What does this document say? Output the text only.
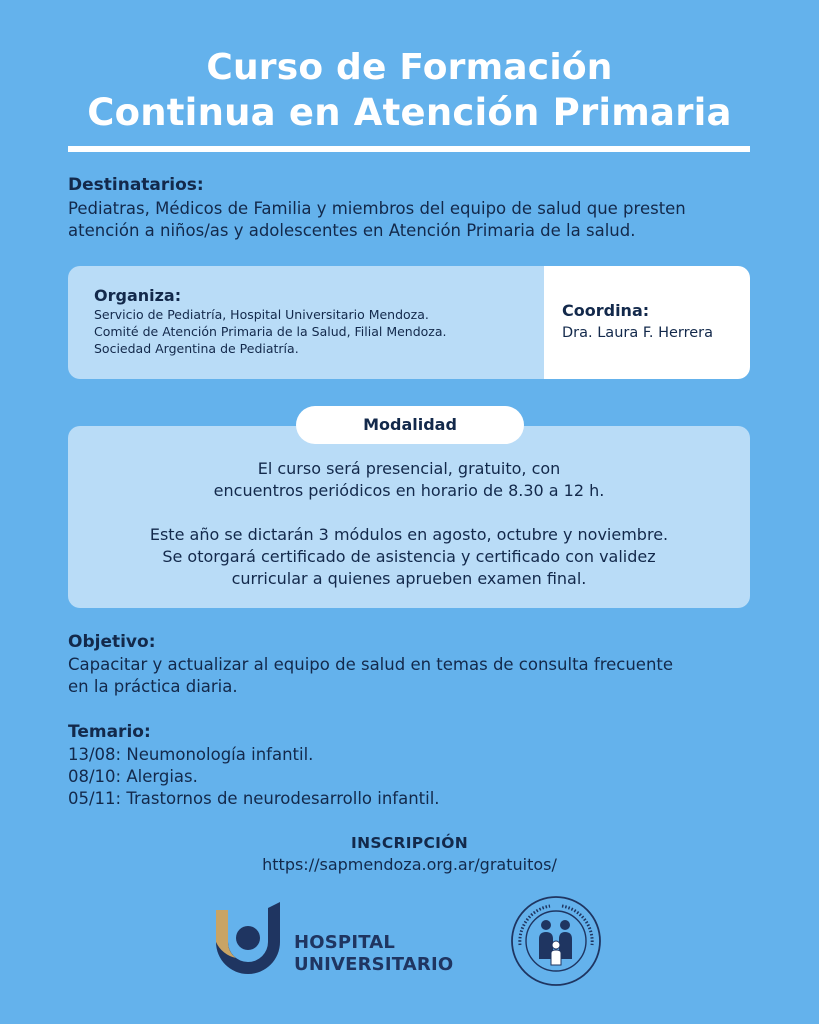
Curso de Formación
Continua en Atención Primaria
Destinatarios:
Pediatras, Médicos de Familia y miembros del equipo de salud que presten
atención a niños/as y adolescentes en Atención Primaria de la salud.
Organiza:
Servicio de Pediatría, Hospital Universitario Mendoza.
Comité de Atención Primaria de la Salud, Filial Mendoza.
Sociedad Argentina de Pediatría.
Coordina:
Dra. Laura F. Herrera
El curso será presencial, gratuito, con
encuentros periódicos en horario de 8.30 a 12 h.
Este año se dictarán 3 módulos en agosto, octubre y noviembre.
Se otorgará certificado de asistencia y certificado con validez
curricular a quienes aprueben examen final.
Modalidad
Objetivo:
Capacitar y actualizar al equipo de salud en temas de consulta frecuente
en la práctica diaria.
Temario:
13/08: Neumonología infantil.
08/10: Alergias.
05/11: Trastornos de neurodesarrollo infantil.
INSCRIPCIÓN
https://sapmendoza.org.ar/gratuitos/
HOSPITAL
UNIVERSITARIO
